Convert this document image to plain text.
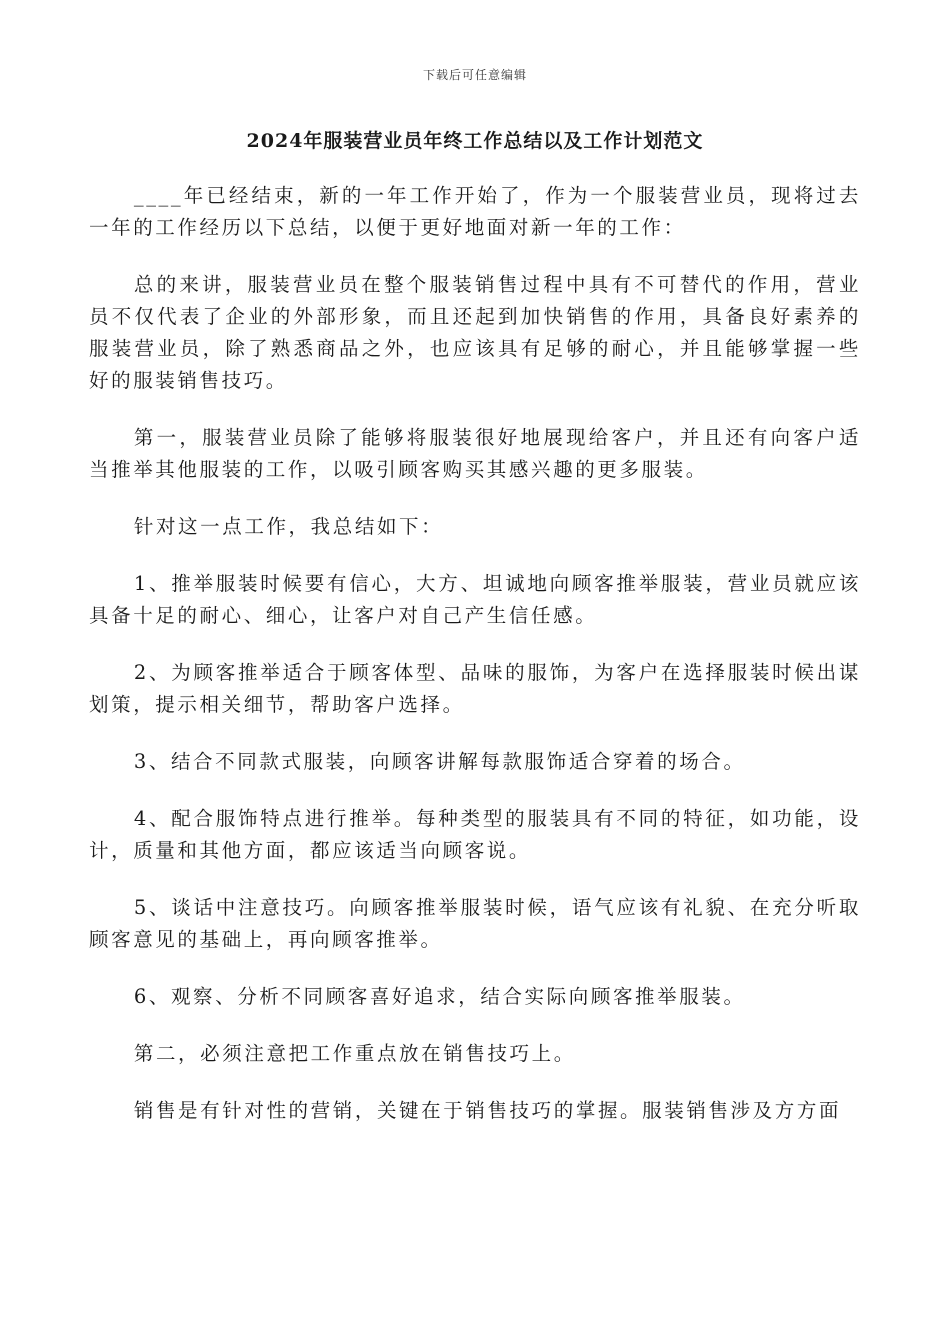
下载后可任意编辑
2024年服装营业员年终工作总结以及工作计划范文

____年已经结束，新的一年工作开始了，作为一个服装营业员，现将过去一年的工作经历以下总结，以便于更好地面对新一年的工作：

总的来讲，服装营业员在整个服装销售过程中具有不可替代的作用，营业员不仅代表了企业的外部形象，而且还起到加快销售的作用，具备良好素养的服装营业员，除了熟悉商品之外，也应该具有足够的耐心，并且能够掌握一些好的服装销售技巧。

第一，服装营业员除了能够将服装很好地展现给客户，并且还有向客户适当推举其他服装的工作，以吸引顾客购买其感兴趣的更多服装。

针对这一点工作，我总结如下：

1、推举服装时候要有信心，大方、坦诚地向顾客推举服装，营业员就应该具备十足的耐心、细心，让客户对自己产生信任感。

2、为顾客推举适合于顾客体型、品味的服饰，为客户在选择服装时候出谋划策，提示相关细节，帮助客户选择。

3、结合不同款式服装，向顾客讲解每款服饰适合穿着的场合。

4、配合服饰特点进行推举。每种类型的服装具有不同的特征，如功能，设计，质量和其他方面，都应该适当向顾客说。

5、谈话中注意技巧。向顾客推举服装时候，语气应该有礼貌、在充分听取顾客意见的基础上，再向顾客推举。

6、观察、分析不同顾客喜好追求，结合实际向顾客推举服装。

第二，必须注意把工作重点放在销售技巧上。

销售是有针对性的营销，关键在于销售技巧的掌握。服装销售涉及方方面
